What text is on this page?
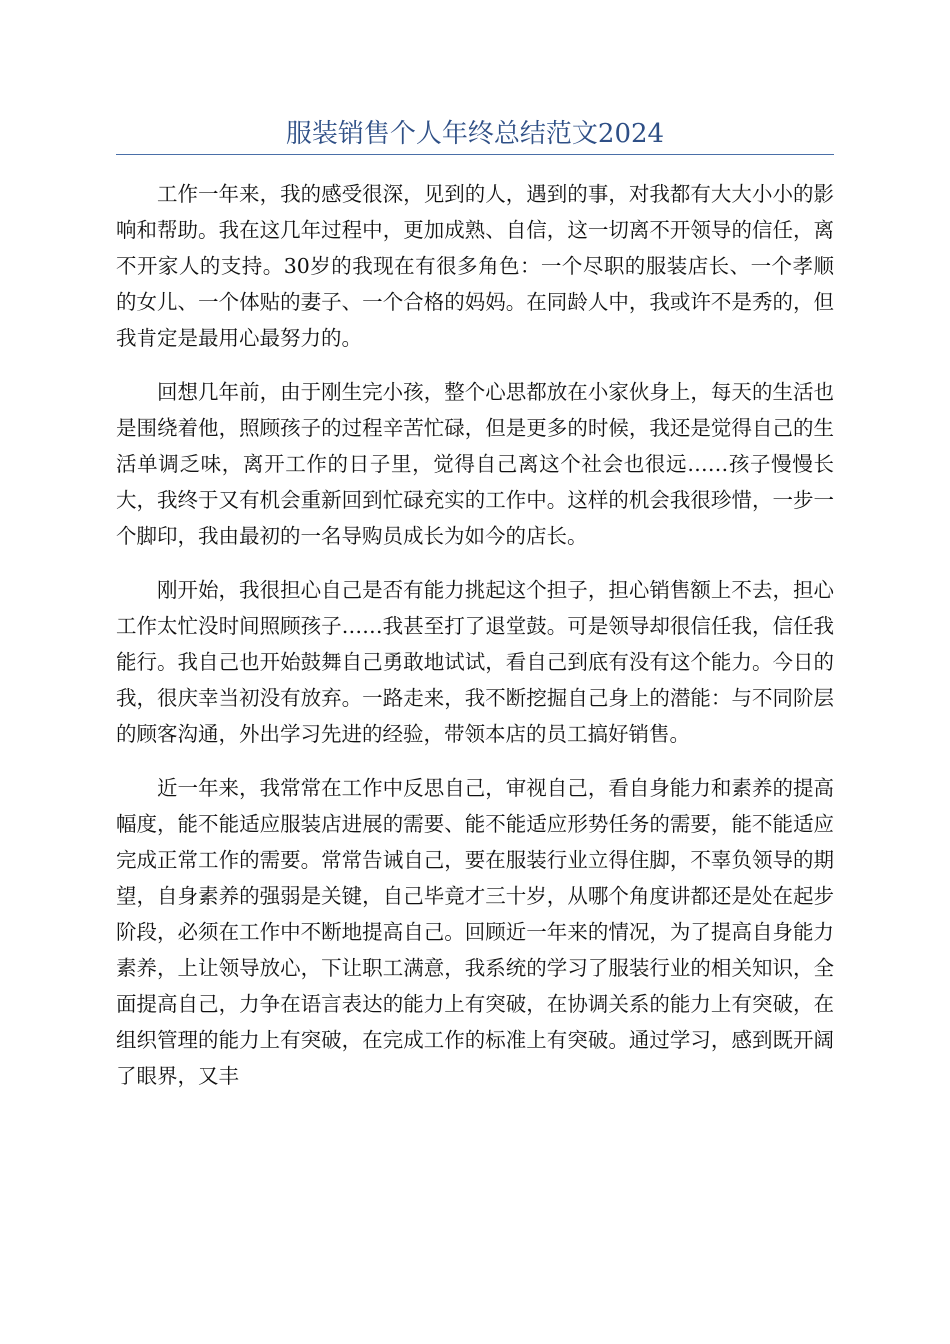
服装销售个人年终总结范文2024

工作一年来，我的感受很深，见到的人，遇到的事，对我都有大大小小的影响和帮助。我在这几年过程中，更加成熟、自信，这一切离不开领导的信任，离不开家人的支持。30岁的我现在有很多角色：一个尽职的服装店长、一个孝顺的女儿、一个体贴的妻子、一个合格的妈妈。在同龄人中，我或许不是秀的，但我肯定是最用心最努力的。

回想几年前，由于刚生完小孩，整个心思都放在小家伙身上，每天的生活也是围绕着他，照顾孩子的过程辛苦忙碌，但是更多的时候，我还是觉得自己的生活单调乏味，离开工作的日子里，觉得自己离这个社会也很远……孩子慢慢长大，我终于又有机会重新回到忙碌充实的工作中。这样的机会我很珍惜，一步一个脚印，我由最初的一名导购员成长为如今的店长。

刚开始，我很担心自己是否有能力挑起这个担子，担心销售额上不去，担心工作太忙没时间照顾孩子……我甚至打了退堂鼓。可是领导却很信任我，信任我能行。我自己也开始鼓舞自己勇敢地试试，看自己到底有没有这个能力。今日的我，很庆幸当初没有放弃。一路走来，我不断挖掘自己身上的潜能：与不同阶层的顾客沟通，外出学习先进的经验，带领本店的员工搞好销售。

近一年来，我常常在工作中反思自己，审视自己，看自身能力和素养的提高幅度，能不能适应服装店进展的需要、能不能适应形势任务的需要，能不能适应完成正常工作的需要。常常告诫自己，要在服装行业立得住脚，不辜负领导的期望，自身素养的强弱是关键，自己毕竟才三十岁，从哪个角度讲都还是处在起步阶段，必须在工作中不断地提高自己。回顾近一年来的情况，为了提高自身能力素养，上让领导放心，下让职工满意，我系统的学习了服装行业的相关知识，全面提高自己，力争在语言表达的能力上有突破，在协调关系的能力上有突破，在组织管理的能力上有突破，在完成工作的标准上有突破。通过学习，感到既开阔了眼界，又丰
